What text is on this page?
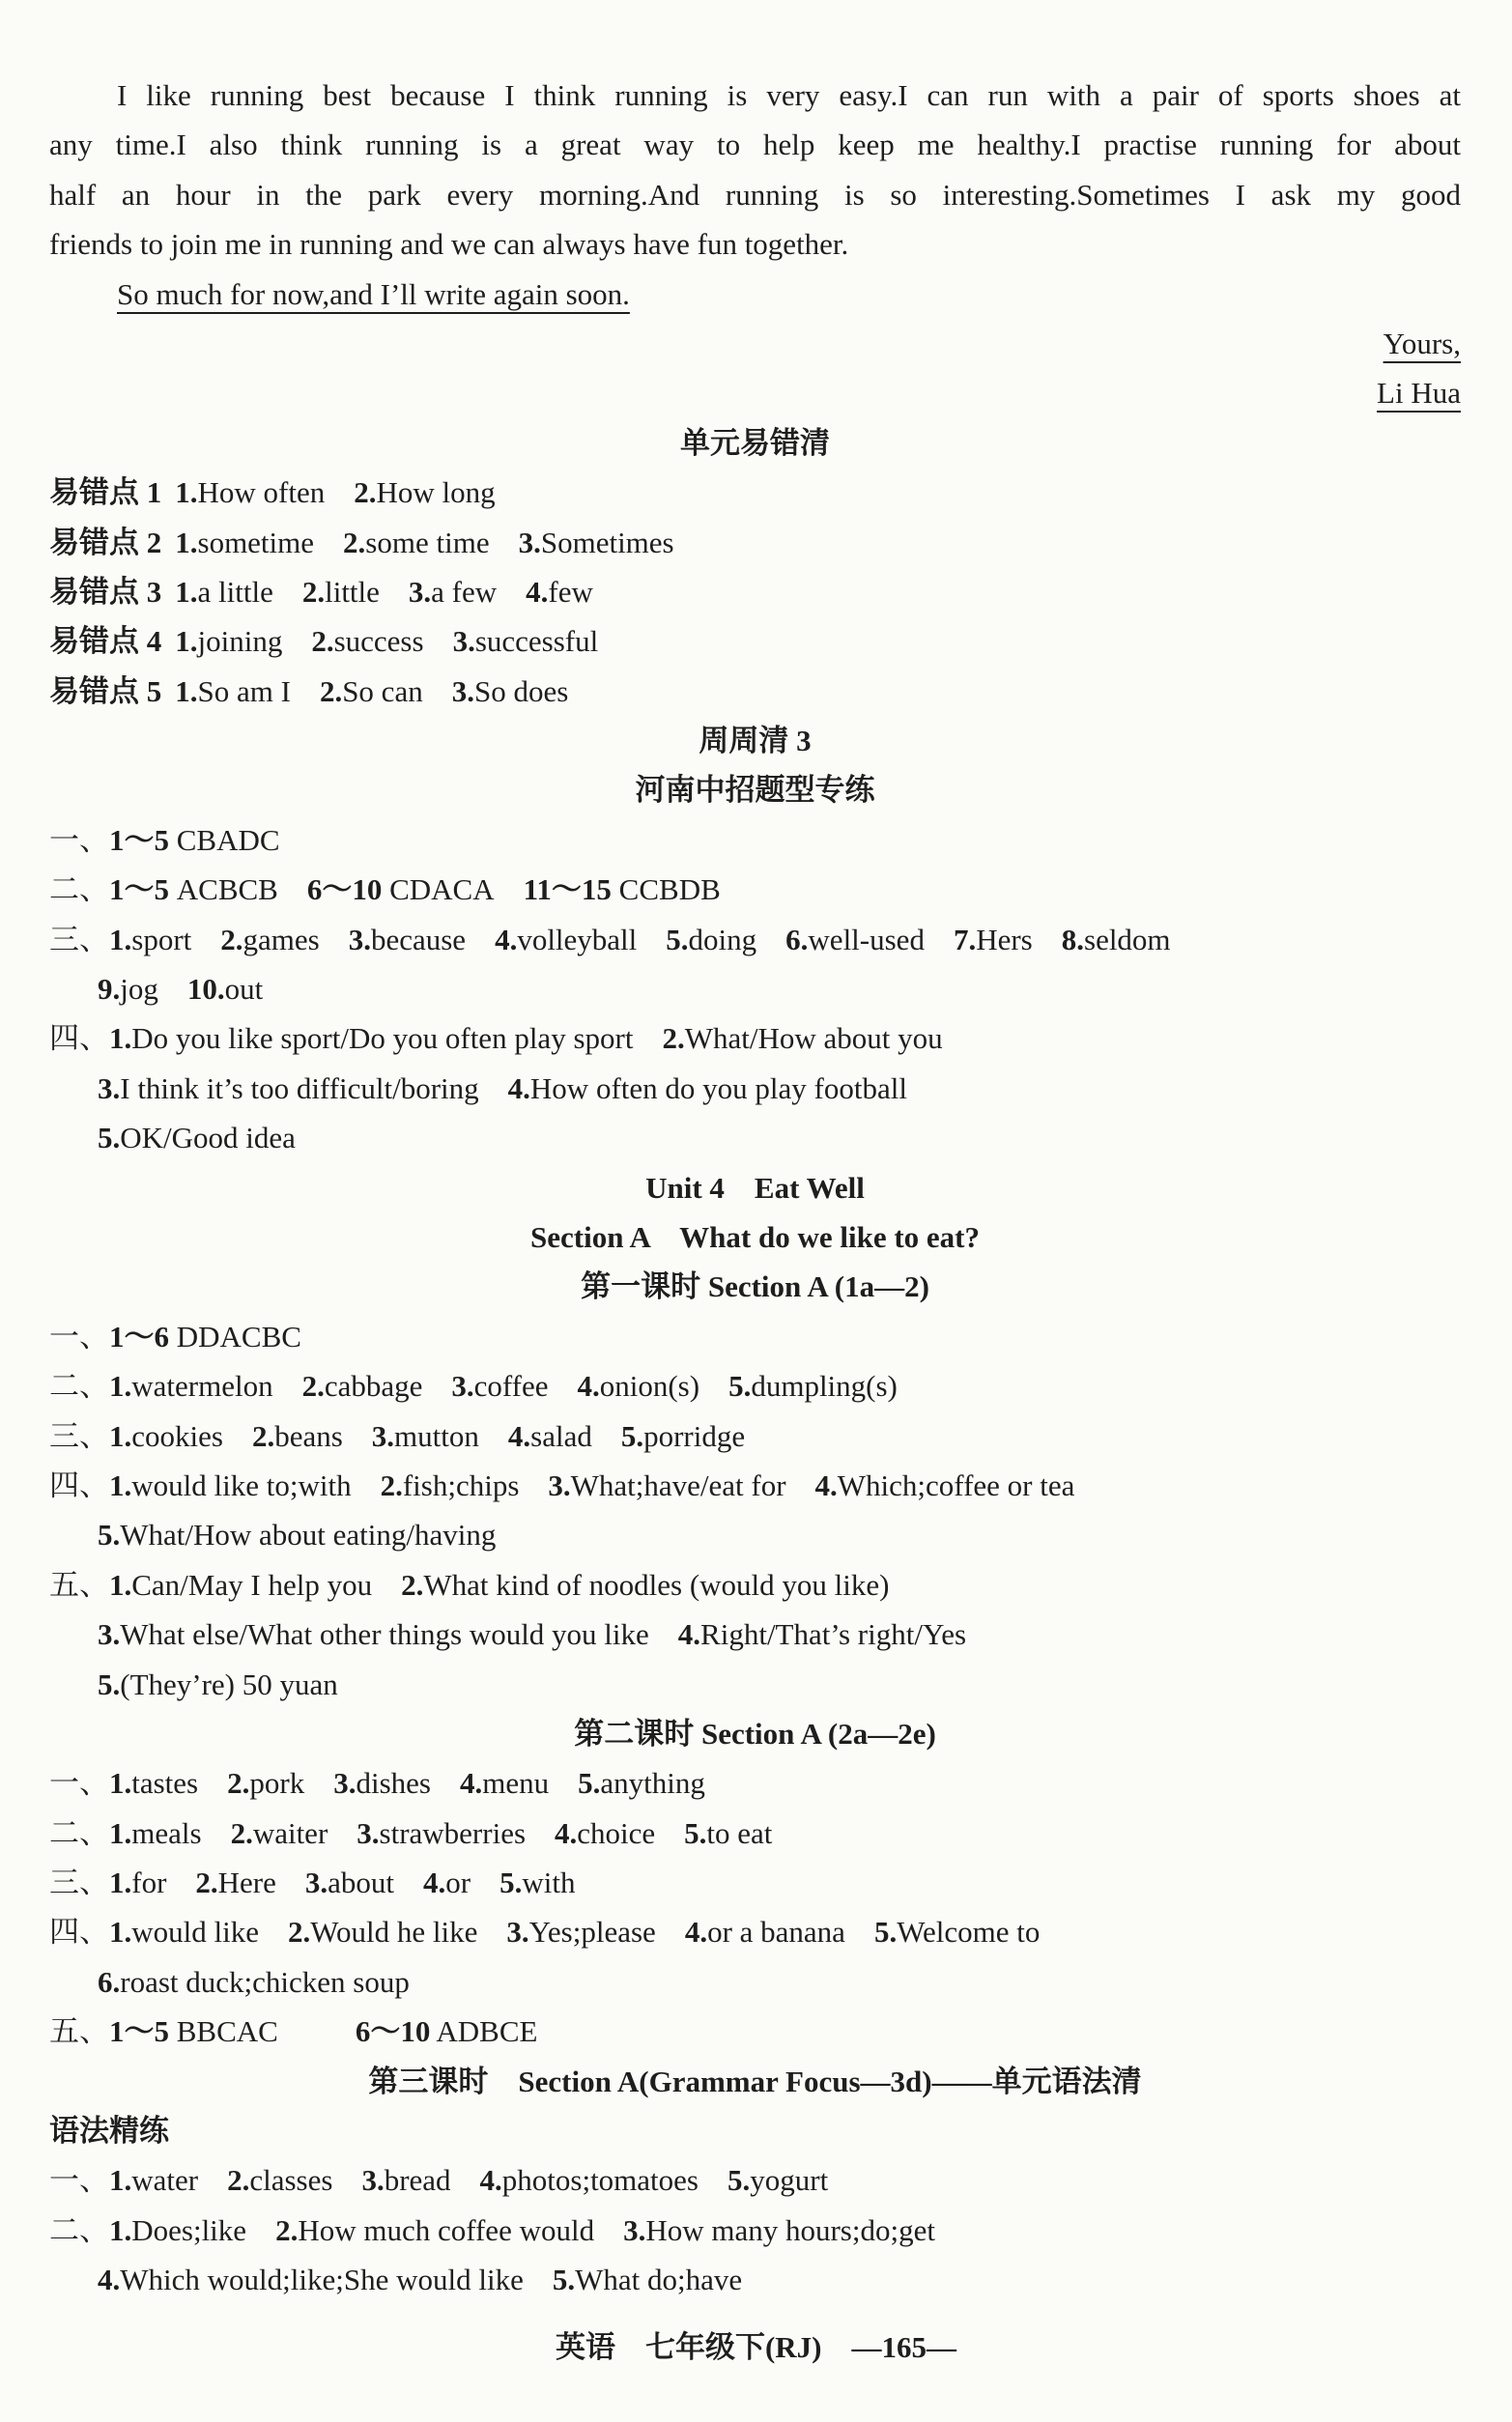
I like running best because I think running is very easy.I can run with a pair of sports shoes at
any time.I also think running is a great way to help keep me healthy.I practise running for about
half an hour in the park every morning.And running is so interesting.Sometimes I ask my good
friends to join me in running and we can always have fun together.
So much for now,and I’ll write again soon.
Yours,
Li Hua
单元易错清
易错点 1 1.How often 2.How long
易错点 2 1.sometime 2.some time 3.Sometimes
易错点 3 1.a little 2.little 3.a few 4.few
易错点 4 1.joining 2.success 3.successful
易错点 5 1.So am I 2.So can 3.So does
周周清 3
河南中招题型专练
一、1～5 CBADC
二、1～5 ACBCB 6～10 CDACA 11～15 CCBDB
三、1.sport 2.games 3.because 4.volleyball 5.doing 6.well-used 7.Hers 8.seldom
9.jog 10.out
四、1.Do you like sport/Do you often play sport 2.What/How about you
3.I think it’s too difficult/boring 4.How often do you play football
5.OK/Good idea
Unit 4　Eat Well
Section A　What do we like to eat?
第一课时 Section A (1a—2)
一、1～6 DDACBC
二、1.watermelon 2.cabbage 3.coffee 4.onion(s) 5.dumpling(s)
三、1.cookies 2.beans 3.mutton 4.salad 5.porridge
四、1.would like to;with 2.fish;chips 3.What;have/eat for 4.Which;coffee or tea
5.What/How about eating/having
五、1.Can/May I help you 2.What kind of noodles (would you like)
3.What else/What other things would you like 4.Right/That’s right/Yes
5.(They’re) 50 yuan
第二课时 Section A (2a—2e)
一、1.tastes 2.pork 3.dishes 4.menu 5.anything
二、1.meals 2.waiter 3.strawberries 4.choice 5.to eat
三、1.for 2.Here 3.about 4.or 5.with
四、1.would like 2.Would he like 3.Yes;please 4.or a banana 5.Welcome to
6.roast duck;chicken soup
五、1～5 BBCAC	6～10 ADBCE
第三课时　Section A(Grammar Focus—3d)——单元语法清
语法精练
一、1.water 2.classes 3.bread 4.photos;tomatoes 5.yogurt
二、1.Does;like 2.How much coffee would 3.How many hours;do;get
4.Which would;like;She would like 5.What do;have
英语　七年级下(RJ)　—165—
